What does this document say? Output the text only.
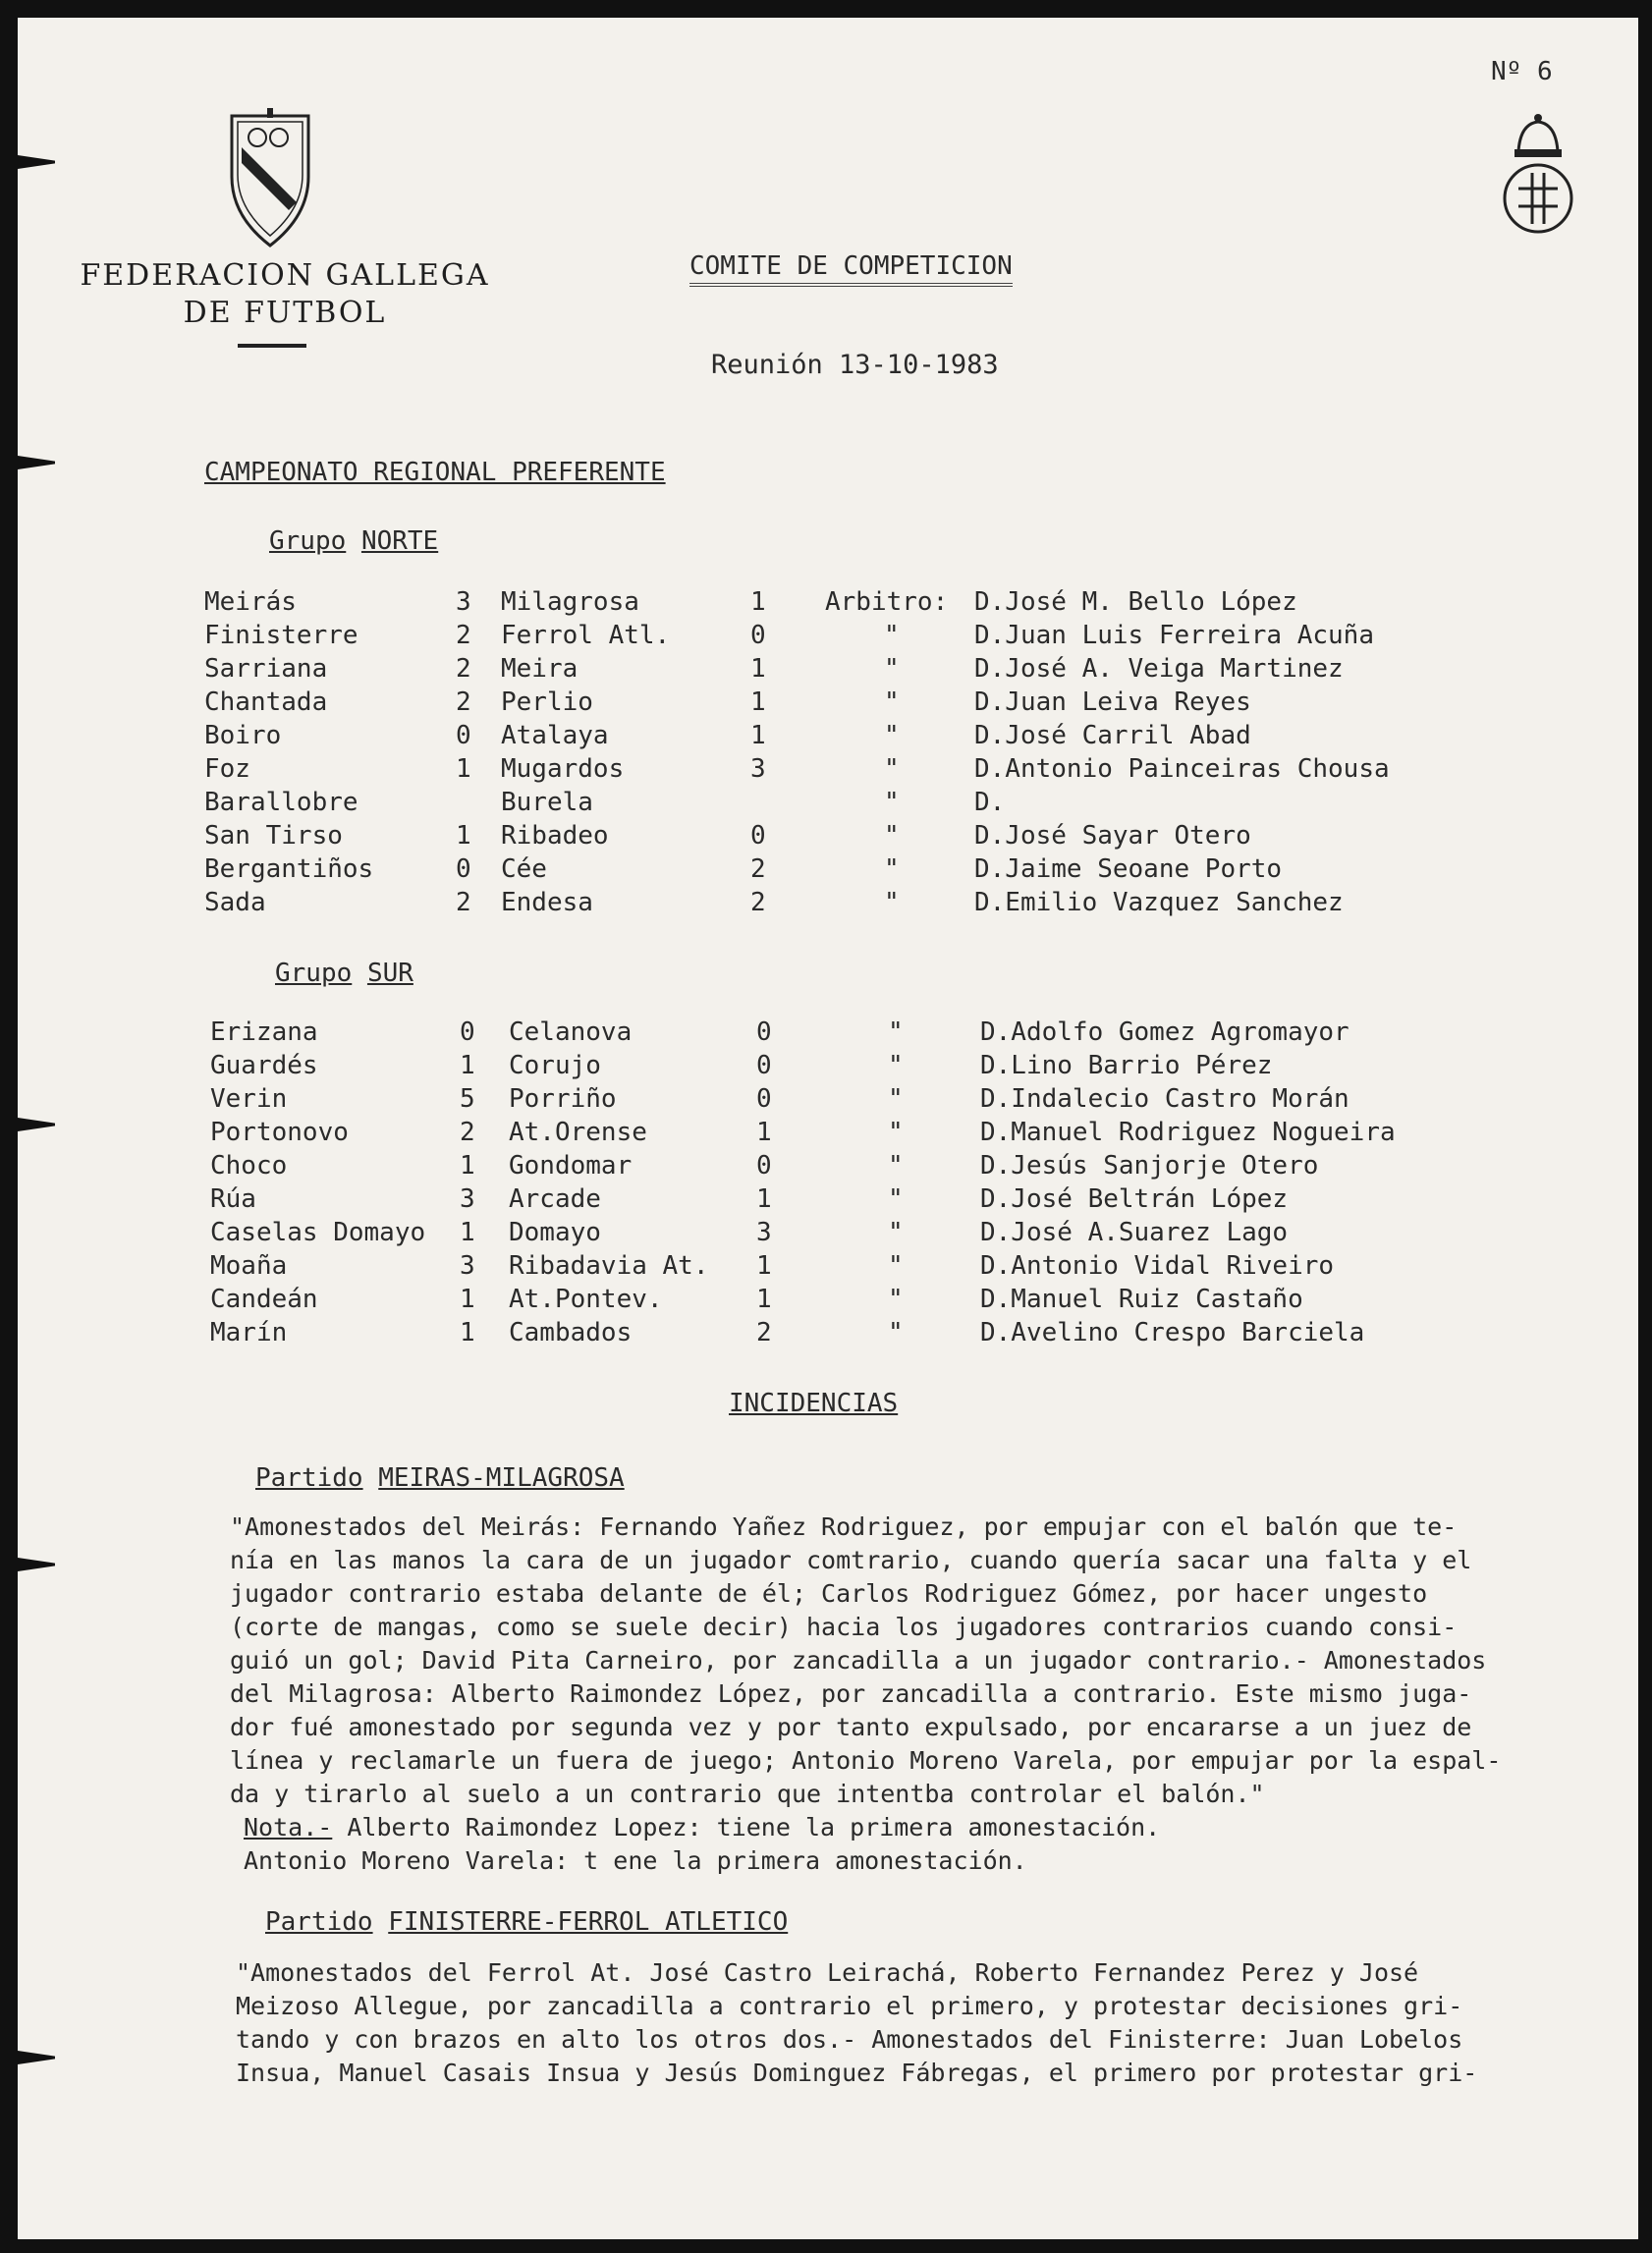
Nº 6
FEDERACION GALLEGA
DE FUTBOL
COMITE DE COMPETICION
Reunión 13-10-1983
CAMPEONATO REGIONAL PREFERENTE
Grupo NORTE
Meirás	3 Milagrosa	1 Arbitro: D.José M. Bello López
Finisterre	2 Ferrol Atl.	0	"	D.Juan Luis Ferreira Acuña
Sarriana	2 Meira	1	"	D.José A. Veiga Martinez
Chantada	2 Perlio	1	"	D.Juan Leiva Reyes
Boiro	0 Atalaya	1	"	D.José Carril Abad
Foz	1 Mugardos	3	"	D.Antonio Painceiras Chousa
Barallobre	Burela	"	D.
San Tirso	1 Ribadeo	0	"	D.José Sayar Otero
Bergantiños	0 Cée	2	"	D.Jaime Seoane Porto
Sada	2 Endesa	2	"	D.Emilio Vazquez Sanchez
Grupo SUR
Erizana	0 Celanova	0	"	D.Adolfo Gomez Agromayor
Guardés	1 Corujo	0	"	D.Lino Barrio Pérez
Verin	5 Porriño	0	"	D.Indalecio Castro Morán
Portonovo	2 At.Orense	1	"	D.Manuel Rodriguez Nogueira
Choco	1 Gondomar	0	"	D.Jesús Sanjorje Otero
Rúa	3 Arcade	1	"	D.José Beltrán López
Caselas Domayo 1 Domayo	3	"	D.José A.Suarez Lago
Moaña	3 Ribadavia At. 1	"	D.Antonio Vidal Riveiro
Candeán	1 At.Pontev.	1	"	D.Manuel Ruiz Castaño
Marín	1 Cambados	2	"	D.Avelino Crespo Barciela
INCIDENCIAS
Partido MEIRAS-MILAGROSA
"Amonestados del Meirás: Fernando Yañez Rodriguez, por empujar con el balón que te-
nía en las manos la cara de un jugador comtrario, cuando quería sacar una falta y el
jugador contrario estaba delante de él; Carlos Rodriguez Gómez, por hacer ungesto
(corte de mangas, como se suele decir) hacia los jugadores contrarios cuando consi-
guió un gol; David Pita Carneiro, por zancadilla a un jugador contrario.- Amonestados
del Milagrosa: Alberto Raimondez López, por zancadilla a contrario. Este mismo juga-
dor fué amonestado por segunda vez y por tanto expulsado, por encararse a un juez de
línea y reclamarle un fuera de juego; Antonio Moreno Varela, por empujar por la espal-
da y tirarlo al suelo a un contrario que intentba controlar el balón."
Nota.- Alberto Raimondez Lopez: tiene la primera amonestación.
Antonio Moreno Varela: t ene la primera amonestación.
Partido FINISTERRE-FERROL ATLETICO
"Amonestados del Ferrol At. José Castro Leirachá, Roberto Fernandez Perez y José
Meizoso Allegue, por zancadilla a contrario el primero, y protestar decisiones gri-
tando y con brazos en alto los otros dos.- Amonestados del Finisterre: Juan Lobelos
Insua, Manuel Casais Insua y Jesús Dominguez Fábregas, el primero por protestar gri-
